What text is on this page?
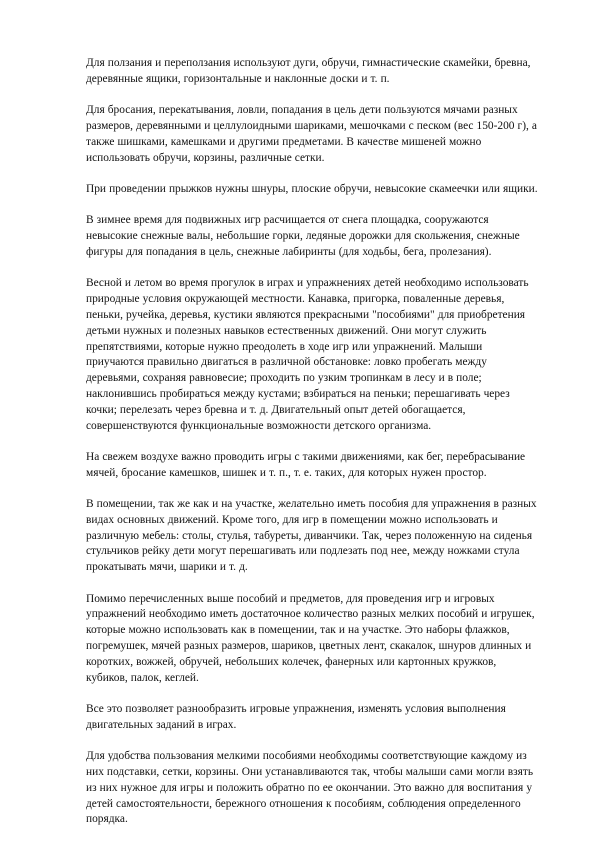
Для ползания и переползания используют дуги, обручи, гимнастические скамейки, бревна,
деревянные ящики, горизонтальные и наклонные доски и т. п.

Для бросания, перекатывания, ловли, попадания в цель дети пользуются мячами разных
размеров, деревянными и целлулоидными шариками, мешочками с песком (вес 150-200 г), а
также шишками, камешками и другими предметами. В качестве мишеней можно
использовать обручи, корзины, различные сетки.

При проведении прыжков нужны шнуры, плоские обручи, невысокие скамеечки или ящики.

В зимнее время для подвижных игр расчищается от снега площадка, сооружаются
невысокие снежные валы, небольшие горки, ледяные дорожки для скольжения, снежные
фигуры для попадания в цель, снежные лабиринты (для ходьбы, бега, пролезания).

Весной и летом во время прогулок в играх и упражнениях детей необходимо использовать
природные условия окружающей местности. Канавка, пригорка, поваленные деревья,
пеньки, ручейка, деревья, кустики являются прекрасными "пособиями" для приобретения
детьми нужных и полезных навыков естественных движений. Они могут служить
препятствиями, которые нужно преодолеть в ходе игр или упражнений. Малыши
приучаются правильно двигаться в различной обстановке: ловко пробегать между
деревьями, сохраняя равновесие; проходить по узким тропинкам в лесу и в поле;
наклонившись пробираться между кустами; взбираться на пеньки; перешагивать через
кочки; перелезать через бревна и т. д. Двигательный опыт детей обогащается,
совершенствуются функциональные возможности детского организма.

На свежем воздухе важно проводить игры с такими движениями, как бег, перебрасывание
мячей, бросание камешков, шишек и т. п., т. е. таких, для которых нужен простор.

В помещении, так же как и на участке, желательно иметь пособия для упражнения в разных
видах основных движений. Кроме того, для игр в помещении можно использовать и
различную мебель: столы, стулья, табуреты, диванчики. Так, через положенную на сиденья
стульчиков рейку дети могут перешагивать или подлезать под нее, между ножками стула
прокатывать мячи, шарики и т. д.

Помимо перечисленных выше пособий и предметов, для проведения игр и игровых
упражнений необходимо иметь достаточное количество разных мелких пособий и игрушек,
которые можно использовать как в помещении, так и на участке. Это наборы флажков,
погремушек, мячей разных размеров, шариков, цветных лент, скакалок, шнуров длинных и
коротких, вожжей, обручей, небольших колечек, фанерных или картонных кружков,
кубиков, палок, кеглей.

Все это позволяет разнообразить игровые упражнения, изменять условия выполнения
двигательных заданий в играх.

Для удобства пользования мелкими пособиями необходимы соответствующие каждому из
них подставки, сетки, корзины. Они устанавливаются так, чтобы малыши сами могли взять
из них нужное для игры и положить обратно по ее окончании. Это важно для воспитания у
детей самостоятельности, бережного отношения к пособиям, соблюдения определенного
порядка.
